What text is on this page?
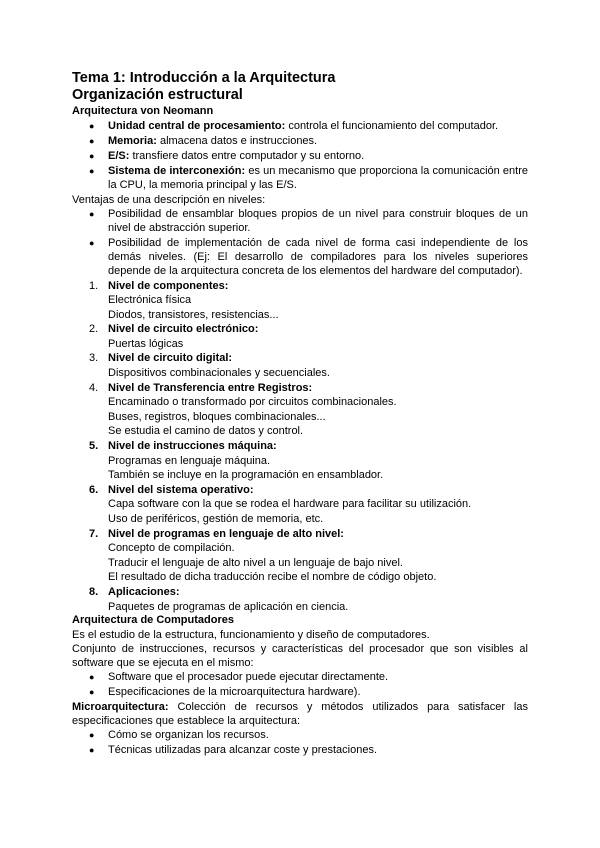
Tema 1: Introducción a la Arquitectura
Organización estructural
Arquitectura von Neomann
● Unidad central de procesamiento: controla el funcionamiento del computador.
● Memoria: almacena datos e instrucciones.
● E/S: transfiere datos entre computador y su entorno.
● Sistema de interconexión: es un mecanismo que proporciona la comunicación entre la CPU, la memoria principal y las E/S.

Ventajas de una descripción en niveles:

● Posibilidad de ensamblar bloques propios de un nivel para construir bloques de un nivel de abstracción superior.
● Posibilidad de implementación de cada nivel de forma casi independiente de los demás niveles. (Ej: El desarrollo de compiladores para los niveles superiores depende de la arquitectura concreta de los elementos del hardware del computador).
1. Nivel de componentes:
Electrónica física
Diodos, transistores, resistencias...
2. Nivel de circuito electrónico:
Puertas lógicas
3. Nivel de circuito digital:
Dispositivos combinacionales y secuenciales.
4. Nivel de Transferencia entre Registros:
Encaminado o transformado por circuitos combinacionales.
Buses, registros, bloques combinacionales...
Se estudia el camino de datos y control.
5. Nivel de instrucciones máquina:
Programas en lenguaje máquina.
También se incluye en la programación en ensamblador.
6. Nivel del sistema operativo:
Capa software con la que se rodea el hardware para facilitar su utilización.
Uso de periféricos, gestión de memoria, etc.
7. Nivel de programas en lenguaje de alto nivel:
Concepto de compilación.
Traducir el lenguaje de alto nivel a un lenguaje de bajo nivel.
El resultado de dicha traducción recibe el nombre de código objeto.
8. Aplicaciones:
Paquetes de programas de aplicación en ciencia.
Arquitectura de Computadores

Es el estudio de la estructura, funcionamiento y diseño de computadores.

Conjunto de instrucciones, recursos y características del procesador que son visibles al software que se ejecuta en el mismo:

● Software que el procesador puede ejecutar directamente.
● Especificaciones de la microarquitectura hardware).

Microarquitectura: Colección de recursos y métodos utilizados para satisfacer las especificaciones que establece la arquitectura:

● Cómo se organizan los recursos.
● Técnicas utilizadas para alcanzar coste y prestaciones.
